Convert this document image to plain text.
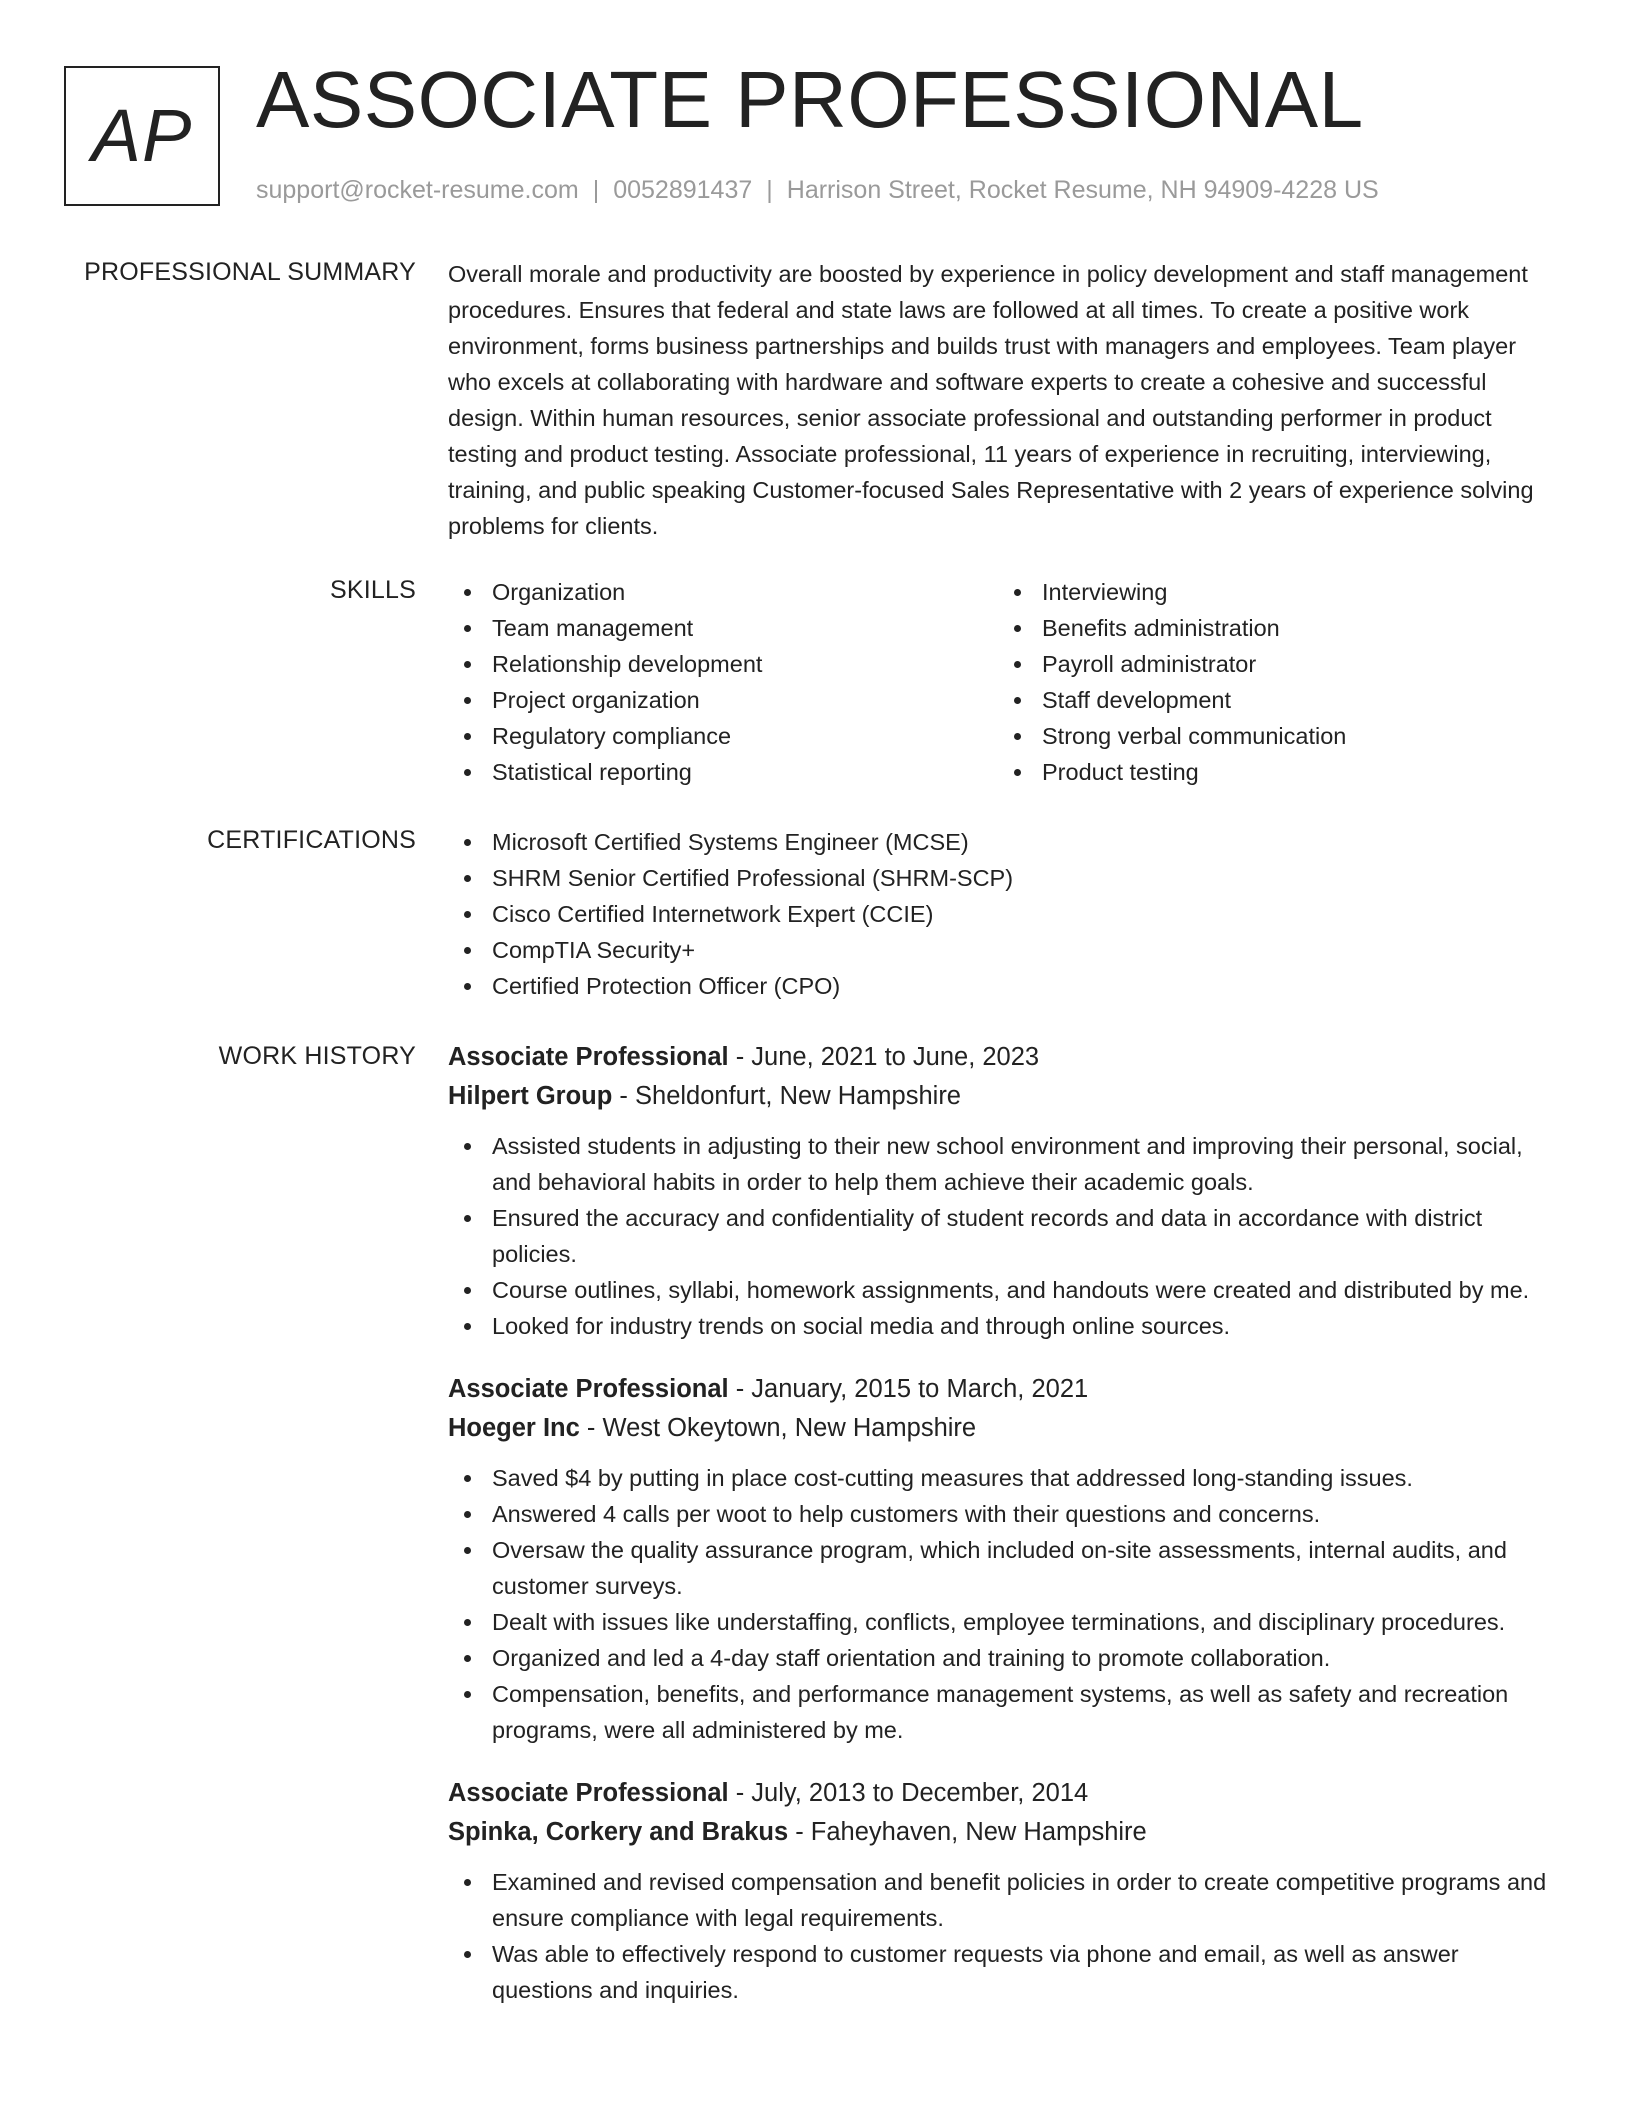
AP ASSOCIATE PROFESSIONAL
support@rocket-resume.com | 0052891437 | Harrison Street, Rocket Resume, NH 94909-4228 US
PROFESSIONAL SUMMARY Overall morale and productivity are boosted by experience in policy development and staff management procedures. Ensures that federal and state laws are followed at all times. To create a positive work environment, forms business partnerships and builds trust with managers and employees. Team player who excels at collaborating with hardware and software experts to create a cohesive and successful design. Within human resources, senior associate professional and outstanding performer in product testing and product testing. Associate professional, 11 years of experience in recruiting, interviewing, training, and public speaking Customer-focused Sales Representative with 2 years of experience solving problems for clients.

SKILLS	Organization
Team management
Relationship development
Project organization
Regulatory compliance
Statistical reporting
Interviewing
Benefits administration
Payroll administrator
Staff development
Strong verbal communication
Product testing
CERTIFICATIONS	Microsoft Certified Systems Engineer (MCSE)
SHRM Senior Certified Professional (SHRM-SCP)
Cisco Certified Internetwork Expert (CCIE)
CompTIA Security+
Certified Protection Officer (CPO)
WORK HISTORY Associate Professional - June, 2021 to June, 2023
Hilpert Group - Sheldonfurt, New Hampshire
Assisted students in adjusting to their new school environment and improving their personal, social, and behavioral habits in order to help them achieve their academic goals.
Ensured the accuracy and confidentiality of student records and data in accordance with district policies.
Course outlines, syllabi, homework assignments, and handouts were created and distributed by me.
Looked for industry trends on social media and through online sources.
Associate Professional - January, 2015 to March, 2021
Hoeger Inc - West Okeytown, New Hampshire
Saved $4 by putting in place cost-cutting measures that addressed long-standing issues.
Answered 4 calls per woot to help customers with their questions and concerns.
Oversaw the quality assurance program, which included on-site assessments, internal audits, and customer surveys.
Dealt with issues like understaffing, conflicts, employee terminations, and disciplinary procedures.
Organized and led a 4-day staff orientation and training to promote collaboration.
Compensation, benefits, and performance management systems, as well as safety and recreation programs, were all administered by me.
Associate Professional - July, 2013 to December, 2014
Spinka, Corkery and Brakus - Faheyhaven, New Hampshire
Examined and revised compensation and benefit policies in order to create competitive programs and ensure compliance with legal requirements.
Was able to effectively respond to customer requests via phone and email, as well as answer questions and inquiries.
